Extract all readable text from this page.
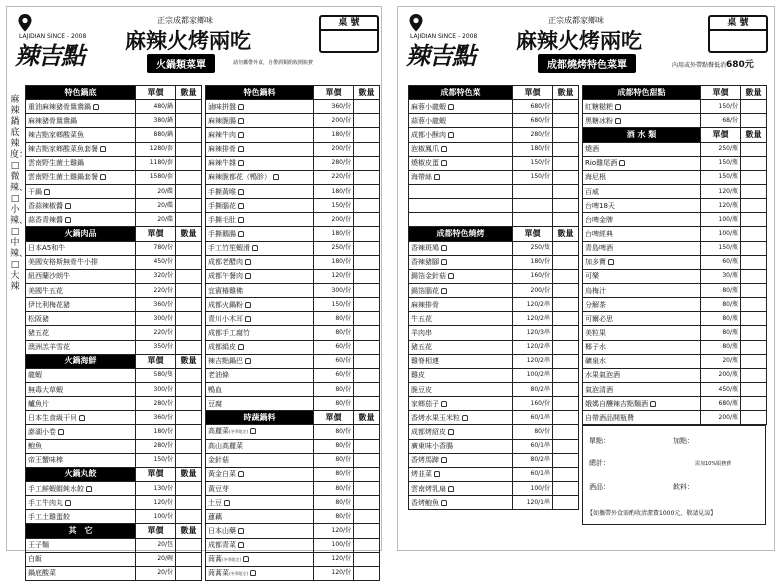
LAJIDIAN SINCE - 2008
辣吉點
正宗成都家鄉味
麻辣火烤兩吃
火鍋類菜單	請勿攜帶外食，自帶酒類酌收開瓶費
桌 號
麻辣鍋底辣度：□微辣、□小辣、□中辣、□大辣
特色鍋底	單價	數量
重油麻辣豬骨鴛鴦鍋	480/鍋	
麻辣豬骨鴛鴦鍋	380/鍋	
辣吉點家鄉酸菜魚	880/鍋	
辣吉點家鄉酸菜魚套餐	1280/套	
雲南野生菌土雞鍋	1180/套	
雲南野生菌土雞鍋套餐	1580/套	
干鍋	20/碟	
香蒜辣椒醬	20/碟	
蒜香青辣醬	20/碟	
火鍋肉品	單價	數量
日本A5和牛	780/份	
美國安格斯無骨牛小排	450/份	
紐西蘭沙朗牛	320/份	
美國牛五花	220/份	
伊比利梅花豬	360/份	
松阪豬	300/份	
豬五花	220/份	
澳洲羔羊雪花	350/份	
火鍋海鮮	單價	數量
龍蝦	580/隻	
無毒大草蝦	300/份	
鱸魚片	280/份	
日本生食級干貝	360/份	
澎湖小卷	180/份	
鮑魚	280/份	
帝王蟹味棒	150/份	
火鍋丸餃	單價	數量
手工鮮蝦餛飩水餃	130/份	
手工牛肉丸	120/份	
手工土雞蛋餃	100/份	
其　它	單價	數量
王子麵	20/包	
白飯	20/碗	
鍋底酸菜	20/份	
特色鍋料	單價	數量
滷味拼盤	360/份	
麻辣脆腸	200/份	
麻辣牛肉	180/份	
麻辣排骨	200/份	
麻辣牛雜	280/份	
麻辣脆都花（鴨胗）	220/份	
手撕黃喉	180/份	
手撕腦花	150/份	
手撕毛肚	200/份	
手撕鵝腸	180/份	
手工竹笙蝦滑	250/份	
成都老醋肉	180/份	
成都午餐肉	120/份	
宜賓椿雞佛	300/份	
成都火鍋粉	150/份	
青川小木耳	80/份	
成都手工腐竹	80/份	
成都絹皮	60/份	
辣吉點鍋巴	60/份	
老油條	60/份	
鴨血	80/份	
豆腐	80/份	
時蔬鍋料	單價	數量
高麗菜(冬季限定)	80/份	
高山高麗菜	80/份	
金針菇	80/份	
黃金白菜	80/份	
黃豆芽	80/份	
土豆	80/份	
蓮藕	80/份	
日本山藥	120/份	
成都青菜	100/份	
茼蒿(冬季限定)	120/份	
茼蒿菜(冬季限定)	120/份	
LAJIDIAN SINCE - 2008
辣吉點
正宗成都家鄉味
麻辣火烤兩吃
成都燒烤特色菜單	內用或外帶點餐低消680元
桌 號
成都特色菜	單價	數量
麻蓉小龍蝦	680/份	
蒜蓉小龍蝦	680/份	
成都小酥肉	280/份	
泡椒鳳爪	180/份	
燒椒皮蛋	150/份	
海帶絲	150/份	

成都特色燒烤	單價	數量
香辣斑鳩	250/隻	
香辣豬腳	180/份	
錫箔金針菇	160/份	
錫箔腦花	200/份	
麻辣排骨	120/2串	
牛五花	120/2串	
羊肉串	120/3串	
豬五花	120/2串	
雞脊相連	120/2串	
雞皮	100/2串	
脆豆皮	80/2串	
家鄉茄子	160/份	
香烤水果玉米粒	60/1串	
成都烤紹皮	80/份	
廣東味小香腸	60/1串	
香烤馬蹄	80/2串	
烤韭菜	60/1串	
雲南烤乳扇	100/份	
香烤鮑魚	120/1串	
成都特色甜點	單價	數量
紅糖糍粑	150/份	
黑糖冰粉	68/份	
酒 水 類	單價	數量
燒酒	250/瓶	
Rio雞尾酒	150/瓶	
海尼根	150/瓶	
百威	120/瓶	
台啤18天	120/瓶	
台啤金牌	100/瓶	
台啤經典	100/瓶	
青島啤酒	150/瓶	
加多寶	60/瓶	
可樂	30/瓶	
烏梅汁	80/瓶	
分解茶	80/瓶	
可爾必思	80/瓶	
美粒果	80/瓶	
椰子水	80/瓶	
礦泉水	20/瓶	
水果氣泡酒	200/瓶	
氣泡清酒	450/瓶	
娥媽自釀辣吉點麵酒	680/瓶	
自帶酒品開瓶費	200/瓶	
單點：	加點：
總計：	需加10%服務費
酒品：	飲料：
【如攜帶外食需酌收清潔費1000元，敬請見諒】
